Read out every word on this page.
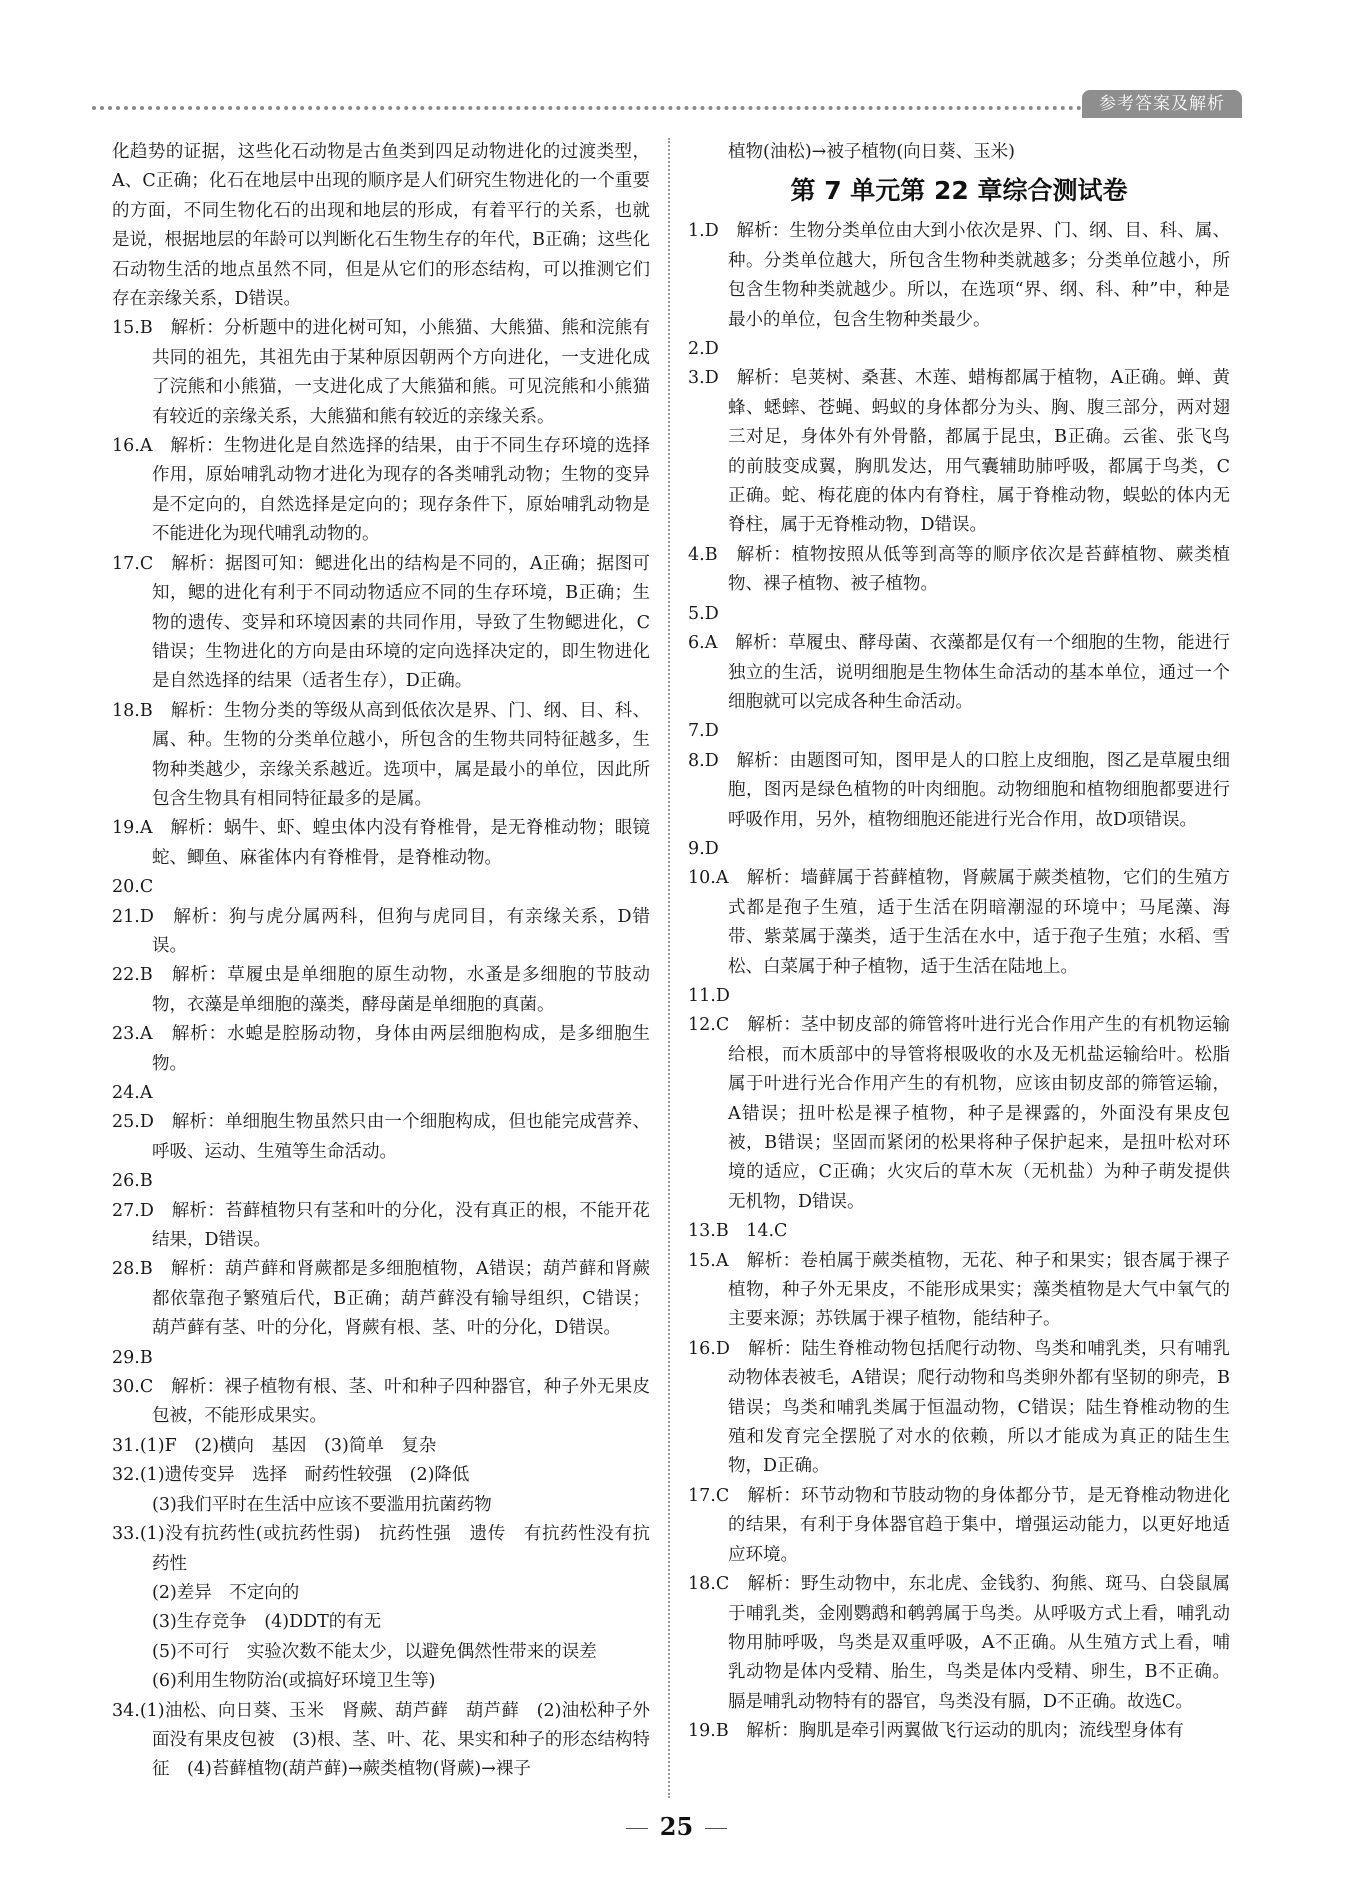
参考答案及解析

化趋势的证据，这些化石动物是古鱼类到四足动物进化的过渡类型，A、C正确；化石在地层中出现的顺序是人们研究生物进化的一个重要的方面，不同生物化石的出现和地层的形成，有着平行的关系，也就是说，根据地层的年龄可以判断化石生物生存的年代，B正确；这些化石动物生活的地点虽然不同，但是从它们的形态结构，可以推测它们存在亲缘关系，D错误。

15.B　解析：分析题中的进化树可知，小熊猫、大熊猫、熊和浣熊有共同的祖先，其祖先由于某种原因朝两个方向进化，一支进化成了浣熊和小熊猫，一支进化成了大熊猫和熊。可见浣熊和小熊猫有较近的亲缘关系，大熊猫和熊有较近的亲缘关系。

16.A　解析：生物进化是自然选择的结果，由于不同生存环境的选择作用，原始哺乳动物才进化为现存的各类哺乳动物；生物的变异是不定向的，自然选择是定向的；现存条件下，原始哺乳动物是不能进化为现代哺乳动物的。

17.C　解析：据图可知：鳃进化出的结构是不同的，A正确；据图可知，鳃的进化有利于不同动物适应不同的生存环境，B正确；生物的遗传、变异和环境因素的共同作用，导致了生物鳃进化，C错误；生物进化的方向是由环境的定向选择决定的，即生物进化是自然选择的结果（适者生存），D正确。

18.B　解析：生物分类的等级从高到低依次是界、门、纲、目、科、属、种。生物的分类单位越小，所包含的生物共同特征越多，生物种类越少，亲缘关系越近。选项中，属是最小的单位，因此所包含生物具有相同特征最多的是属。

19.A　解析：蜗牛、虾、蝗虫体内没有脊椎骨，是无脊椎动物；眼镜蛇、鲫鱼、麻雀体内有脊椎骨，是脊椎动物。

20.C

21.D　解析：狗与虎分属两科，但狗与虎同目，有亲缘关系，D错误。

22.B　解析：草履虫是单细胞的原生动物，水蚤是多细胞的节肢动物，衣藻是单细胞的藻类，酵母菌是单细胞的真菌。

23.A　解析：水螅是腔肠动物，身体由两层细胞构成，是多细胞生物。

24.A

25.D　解析：单细胞生物虽然只由一个细胞构成，但也能完成营养、呼吸、运动、生殖等生命活动。

26.B

27.D　解析：苔藓植物只有茎和叶的分化，没有真正的根，不能开花结果，D错误。

28.B　解析：葫芦藓和肾蕨都是多细胞植物，A错误；葫芦藓和肾蕨都依靠孢子繁殖后代，B正确；葫芦藓没有输导组织，C错误；葫芦藓有茎、叶的分化，肾蕨有根、茎、叶的分化，D错误。

29.B

30.C　解析：裸子植物有根、茎、叶和种子四种器官，种子外无果皮包被，不能形成果实。

31.(1)F　(2)横向　基因　(3)简单　复杂

32.(1)遗传变异　选择　耐药性较强　(2)降低

(3)我们平时在生活中应该不要滥用抗菌药物

33.(1)没有抗药性(或抗药性弱)　抗药性强　遗传　有抗药性没有抗药性

(2)差异　不定向的

(3)生存竞争　(4)DDT的有无

(5)不可行　实验次数不能太少，以避免偶然性带来的误差

(6)利用生物防治(或搞好环境卫生等)

34.(1)油松、向日葵、玉米　肾蕨、葫芦藓　葫芦藓　(2)油松种子外面没有果皮包被　(3)根、茎、叶、花、果实和种子的形态结构特征　(4)苔藓植物(葫芦藓)→蕨类植物(肾蕨)→裸子

植物(油松)→被子植物(向日葵、玉米)

第 7 单元第 22 章综合测试卷

1.D　解析：生物分类单位由大到小依次是界、门、纲、目、科、属、种。分类单位越大，所包含生物种类就越多；分类单位越小，所包含生物种类就越少。所以，在选项“界、纲、科、种”中，种是最小的单位，包含生物种类最少。

2.D

3.D　解析：皂荚树、桑葚、木莲、蜡梅都属于植物，A正确。蝉、黄蜂、蟋蟀、苍蝇、蚂蚁的身体都分为头、胸、腹三部分，两对翅三对足，身体外有外骨骼，都属于昆虫，B正确。云雀、张飞鸟的前肢变成翼，胸肌发达，用气囊辅助肺呼吸，都属于鸟类，C正确。蛇、梅花鹿的体内有脊柱，属于脊椎动物，蜈蚣的体内无脊柱，属于无脊椎动物，D错误。

4.B　解析：植物按照从低等到高等的顺序依次是苔藓植物、蕨类植物、裸子植物、被子植物。

5.D

6.A　解析：草履虫、酵母菌、衣藻都是仅有一个细胞的生物，能进行独立的生活，说明细胞是生物体生命活动的基本单位，通过一个细胞就可以完成各种生命活动。

7.D

8.D　解析：由题图可知，图甲是人的口腔上皮细胞，图乙是草履虫细胞，图丙是绿色植物的叶肉细胞。动物细胞和植物细胞都要进行呼吸作用，另外，植物细胞还能进行光合作用，故D项错误。

9.D

10.A　解析：墙藓属于苔藓植物，肾蕨属于蕨类植物，它们的生殖方式都是孢子生殖，适于生活在阴暗潮湿的环境中；马尾藻、海带、紫菜属于藻类，适于生活在水中，适于孢子生殖；水稻、雪松、白菜属于种子植物，适于生活在陆地上。

11.D

12.C　解析：茎中韧皮部的筛管将叶进行光合作用产生的有机物运输给根，而木质部中的导管将根吸收的水及无机盐运输给叶。松脂属于叶进行光合作用产生的有机物，应该由韧皮部的筛管运输，A错误；扭叶松是裸子植物，种子是裸露的，外面没有果皮包被，B错误；坚固而紧闭的松果将种子保护起来，是扭叶松对环境的适应，C正确；火灾后的草木灰（无机盐）为种子萌发提供无机物，D错误。

13.B　14.C

15.A　解析：卷柏属于蕨类植物，无花、种子和果实；银杏属于裸子植物，种子外无果皮，不能形成果实；藻类植物是大气中氧气的主要来源；苏铁属于裸子植物，能结种子。

16.D　解析：陆生脊椎动物包括爬行动物、鸟类和哺乳类，只有哺乳动物体表被毛，A错误；爬行动物和鸟类卵外都有坚韧的卵壳，B错误；鸟类和哺乳类属于恒温动物，C错误；陆生脊椎动物的生殖和发育完全摆脱了对水的依赖，所以才能成为真正的陆生生物，D正确。

17.C　解析：环节动物和节肢动物的身体都分节，是无脊椎动物进化的结果，有利于身体器官趋于集中，增强运动能力，以更好地适应环境。

18.C　解析：野生动物中，东北虎、金钱豹、狗熊、斑马、白袋鼠属于哺乳类，金刚鹦鹉和鹌鹑属于鸟类。从呼吸方式上看，哺乳动物用肺呼吸，鸟类是双重呼吸，A不正确。从生殖方式上看，哺乳动物是体内受精、胎生，鸟类是体内受精、卵生，B不正确。膈是哺乳动物特有的器官，鸟类没有膈，D不正确。故选C。

19.B　解析：胸肌是牵引两翼做飞行运动的肌肉；流线型身体有

25
